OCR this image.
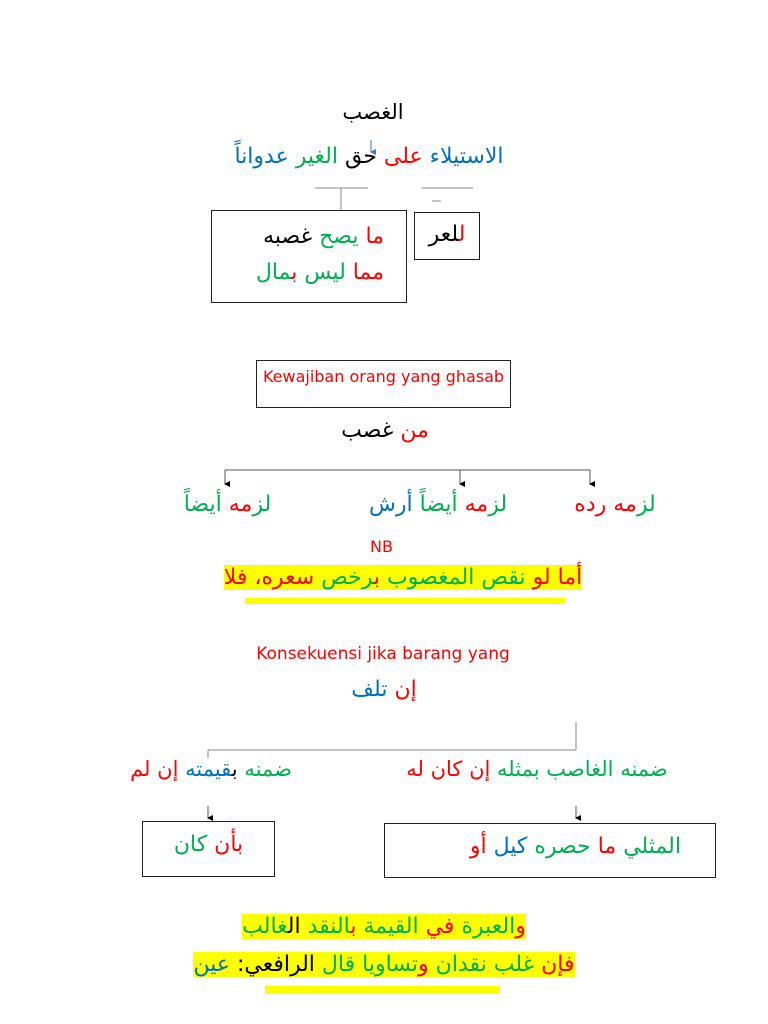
الغصب
الاستيلاء على حق الغير عدواناً
للعر
ما يصح غصبه
مما ليس بمال
Kewajiban orang yang ghasab
من غصب
لزمه رده
لزمه أيضاً أرش
لزمه أيضاً
NB
أما لو نقص المغصوب برخص سعره، فلا
Konsekuensi jika barang yang
إن تلف
ضمنه الغاصب بمثله إن كان له
ضمنه بقيمته إن لم
المثلي ما حصره كيل أو
بأن كان
والعبرة في القيمة بالنقد الغالب
فإن غلب نقدان وتساويا قال الرافعي: عين
